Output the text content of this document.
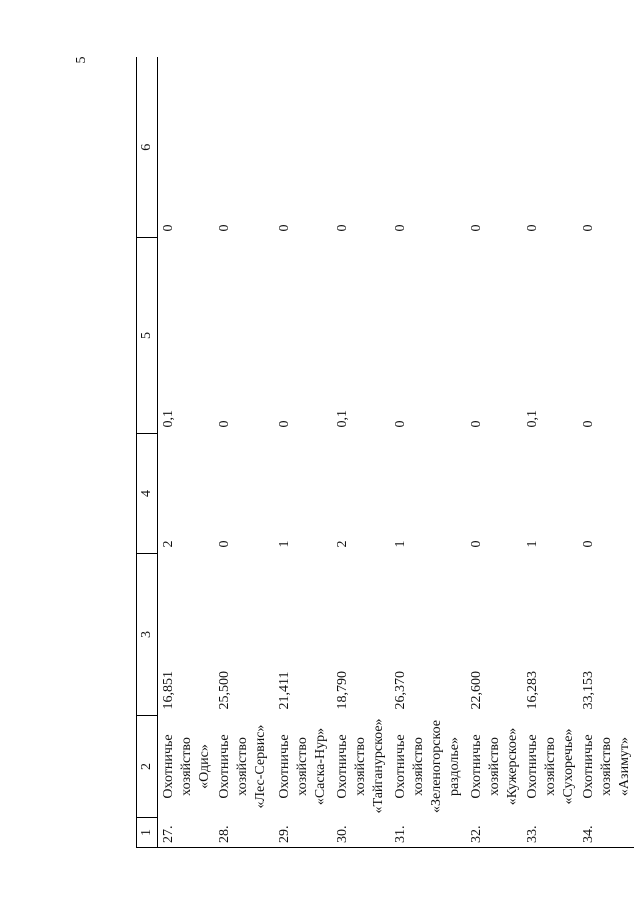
5
1	2	3	4	5	6
27.	Охотничье хозяйство «Одис»	16,851	2	0,1	0
28.	Охотничье хозяйство «Лес-Сервис»	25,500	0	0	0
29.	Охотничье хозяйство «Саска-Нур»	21,411	1	0	0
30.	Охотничье хозяйство «Тайганурское»	18,790	2	0,1	0
31.	Охотничье хозяйство «Зеленогорское раздолье»	26,370	1	0	0
32.	Охотничье хозяйство «Кужерское»	22,600	0	0	0
33.	Охотничье хозяйство «Сухоречье»	16,283	1	0,1	0
34.	Охотничье хозяйство «Азимут»	33,153	0	0	0
